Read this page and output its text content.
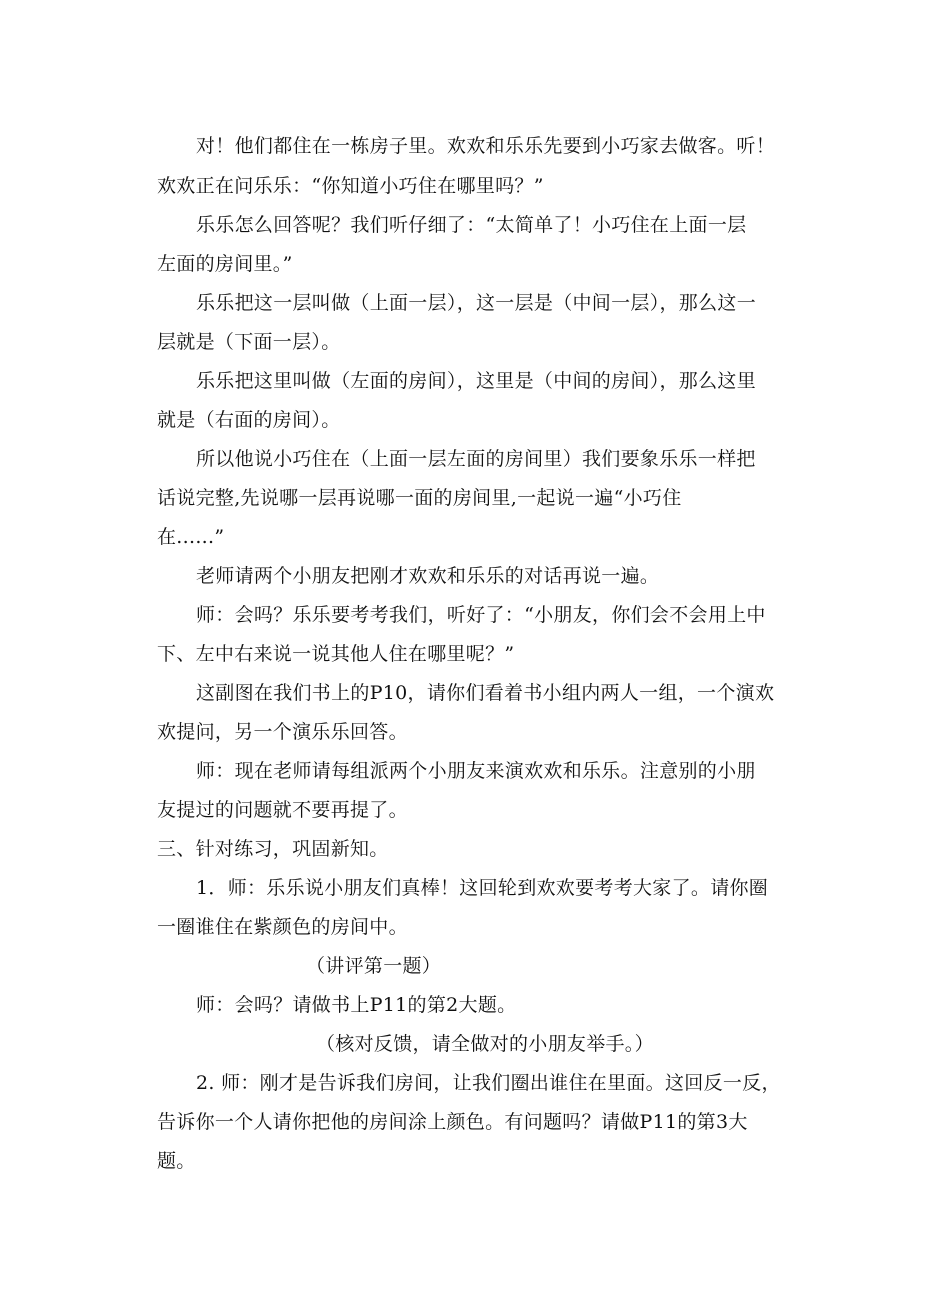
对！他们都住在一栋房子里。欢欢和乐乐先要到小巧家去做客。听！
欢欢正在问乐乐：“你知道小巧住在哪里吗？”
乐乐怎么回答呢？我们听仔细了：“太简单了！小巧住在上面一层
左面的房间里。”
乐乐把这一层叫做（上面一层），这一层是（中间一层），那么这一
层就是（下面一层）。
乐乐把这里叫做（左面的房间），这里是（中间的房间），那么这里
就是（右面的房间）。
所以他说小巧住在（上面一层左面的房间里）我们要象乐乐一样把
话说完整,先说哪一层再说哪一面的房间里,一起说一遍“小巧住
在......”
老师请两个小朋友把刚才欢欢和乐乐的对话再说一遍。
师：会吗？乐乐要考考我们，听好了：“小朋友，你们会不会用上中
下、左中右来说一说其他人住在哪里呢？”
这副图在我们书上的P10，请你们看着书小组内两人一组，一个演欢
欢提问，另一个演乐乐回答。
师：现在老师请每组派两个小朋友来演欢欢和乐乐。注意别的小朋
友提过的问题就不要再提了。
三、针对练习，巩固新知。
1．师：乐乐说小朋友们真棒！这回轮到欢欢要考考大家了。请你圈
一圈谁住在紫颜色的房间中。
（讲评第一题）
师：会吗？请做书上P11的第2大题。
（核对反馈，请全做对的小朋友举手。）
2. 师：刚才是告诉我们房间，让我们圈出谁住在里面。这回反一反，
告诉你一个人请你把他的房间涂上颜色。有问题吗？请做P11的第3大
题。
